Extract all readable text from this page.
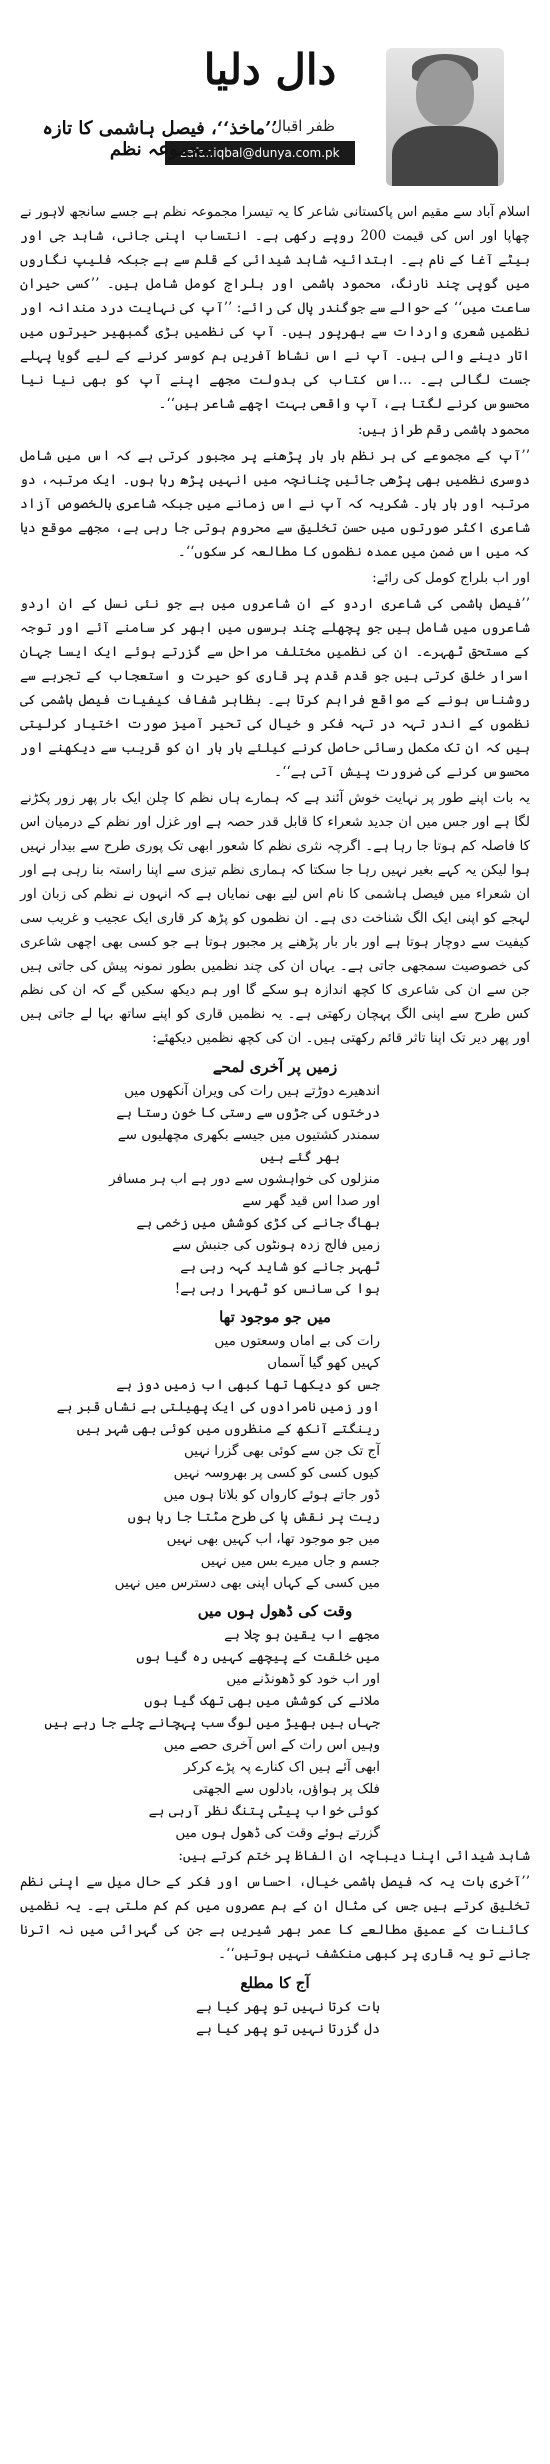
دال دلیا
ظفر اقبال
zafar.iqbal@dunya.com.pk
’’ماخذ‘‘، فیصل ہاشمی کا تازہ مجموعہ نظم

اسلام آباد سے مقیم اس پاکستانی شاعر کا یہ تیسرا مجموعہ نظم ہے جسے سانجھ لاہور نے چھاپا اور اس کی قیمت 200 روپے رکھی ہے۔ انتساب اپنی جانی، شاہد جی اور بیٹے آغا کے نام ہے۔ ابتدائیہ شاہد شیدائی کے قلم سے ہے جبکہ فلیپ نگاروں میں گوپی چند نارنگ، محمود ہاشمی اور بلراج کومل شامل ہیں۔ ’’کسی حیران ساعت میں‘‘ کے حوالے سے جوگندر پال کی رائے: ’’آپ کی نہایت درد مندانہ اور نظمیں شعری واردات سے بھرپور ہیں۔ آپ کی نظمیں بڑی گمبھیر حیرتوں میں اتار دینے والی ہیں۔ آپ نے اس نشاط آفریں ہم کوسر کرنے کے لیے گویا پہلے جست لگالی ہے۔ ...اس کتاب کی بدولت مجھے اپنے آپ کو بھی نیا نیا محسوس کرنے لگتا ہے، آپ واقعی بہت اچھے شاعر ہیں‘‘۔

محمود ہاشمی رقم طراز ہیں:

’’آپ کے مجموعے کی ہر نظم بار بار پڑھنے پر مجبور کرتی ہے کہ اس میں شامل دوسری نظمیں بھی پڑھی جائیں چنانچہ میں انہیں پڑھ رہا ہوں۔ ایک مرتبہ، دو مرتبہ اور بار بار۔ شکریہ کہ آپ نے اس زمانے میں جبکہ شاعری بالخصوص آزاد شاعری اکثر صورتوں میں حسن تخلیق سے محروم ہوتی جا رہی ہے، مجھے موقع دیا کہ میں اس ضمن میں عمدہ نظموں کا مطالعہ کر سکوں‘‘۔

اور اب بلراج کومل کی رائے:

’’فیصل ہاشمی کی شاعری اردو کے ان شاعروں میں ہے جو نئی نسل کے ان اردو شاعروں میں شامل ہیں جو پچھلے چند برسوں میں ابھر کر سامنے آئے اور توجہ کے مستحق ٹھہرے۔ ان کی نظمیں مختلف مراحل سے گزرتے ہوئے ایک ایسا جہان اسرار خلق کرتی ہیں جو قدم قدم پر قاری کو حیرت و استعجاب کے تجربے سے روشناس ہونے کے مواقع فراہم کرتا ہے۔ بظاہر شفاف کیفیات فیصل ہاشمی کی نظموں کے اندر تہہ در تہہ فکر و خیال کی تحیر آمیز صورت اختیار کرلیتی ہیں کہ ان تک مکمل رسائی حاصل کرنے کیلئے بار بار ان کو قریب سے دیکھنے اور محسوس کرنے کی ضرورت پیش آتی ہے‘‘۔

یہ بات اپنے طور پر نہایت خوش آئند ہے کہ ہمارے ہاں نظم کا چلن ایک بار پھر زور پکڑنے لگا ہے اور جس میں ان جدید شعراء کا قابل قدر حصہ ہے اور غزل اور نظم کے درمیان اس کا فاصلہ کم ہوتا جا رہا ہے۔ اگرچہ نثری نظم کا شعور ابھی تک پوری طرح سے بیدار نہیں ہوا لیکن یہ کہے بغیر نہیں رہا جا سکتا کہ ہماری نظم تیزی سے اپنا راستہ بنا رہی ہے اور ان شعراء میں فیصل ہاشمی کا نام اس لیے بھی نمایاں ہے کہ انہوں نے نظم کی زبان اور لہجے کو اپنی ایک الگ شناخت دی ہے۔ ان نظموں کو پڑھ کر قاری ایک عجیب و غریب سی کیفیت سے دوچار ہوتا ہے اور بار بار پڑھنے پر مجبور ہوتا ہے جو کسی بھی اچھی شاعری کی خصوصیت سمجھی جاتی ہے۔ یہاں ان کی چند نظمیں بطور نمونہ پیش کی جاتی ہیں جن سے ان کی شاعری کا کچھ اندازہ ہو سکے گا اور ہم دیکھ سکیں گے کہ ان کی نظم کس طرح سے اپنی الگ پہچان رکھتی ہے۔ یہ نظمیں قاری کو اپنے ساتھ بہا لے جاتی ہیں اور پھر دیر تک اپنا تاثر قائم رکھتی ہیں۔ ان کی کچھ نظمیں دیکھئے:

زمیں پر آخری لمحے

اندھیرے دوڑتے ہیں رات کی ویران آنکھوں میں

درختوں کی جڑوں سے رستی کا خون رستا ہے

سمندر کشتیوں میں جیسے بکھری مچھلیوں سے

بھر گئے ہیں

منزلوں کی خواہشوں سے دور ہے اب ہر مسافر

اور صدا اس قید گھر سے

بھاگ جانے کی کڑی کوشش میں زخمی ہے

زمیں فالج زدہ ہونٹوں کی جنبش سے

ٹھہر جانے کو شاید کہہ رہی ہے

ہوا کی سانس کو ٹھہرا رہی ہے!

میں جو موجود تھا

رات کی بے اماں وسعتوں میں

کہیں کھو گیا آسماں

جس کو دیکھا تھا کبھی اب زمیں دوز ہے

اور زمیں نامرادوں کی ایک پھیلتی بے نشاں قبر ہے

رینگتے آنکھ کے منظروں میں کوئی بھی شہر ہیں

آج تک جن سے کوئی بھی گزرا نہیں

کیوں کسی کو کسی پر بھروسہ نہیں

ڈور جاتے ہوئے کارواں کو بلاتا ہوں میں

ریت پر نقش پا کی طرح مٹتا جا رہا ہوں

میں جو موجود تھا، اب کہیں بھی نہیں

جسم و جاں میرے بس میں نہیں

میں کسی کے کہاں اپنی بھی دسترس میں نہیں

وقت کی ڈھول ہوں میں

مجھے اب یقین ہو چلا ہے

میں خلقت کے پیچھے کہیں رہ گیا ہوں

اور اب خود کو ڈھونڈنے میں

ملانے کی کوشش میں بھی تھک گیا ہوں

جہاں ہیں بھیڑ میں لوگ سب پہچانے چلے جا رہے ہیں

وہیں اس رات کے اس آخری حصے میں

ابھی آئے ہیں اک کنارے پہ پڑے کرکر

فلک پر ہواؤں، بادلوں سے الجھتی

کوئی خواب پیٹی پتنگ نظر آرہی ہے

گزرتے ہوئے وقت کی ڈھول ہوں میں

شاہد شیدائی اپنا دیباچہ ان الفاظ پر ختم کرتے ہیں:

’’آخری بات یہ کہ فیصل ہاشمی خیال، احساس اور فکر کے حال میل سے اپنی نظم تخلیق کرتے ہیں جس کی مثال ان کے ہم عصروں میں کم کم ملتی ہے۔ یہ نظمیں کائنات کے عمیق مطالعے کا عمر بھر شیریں ہے جن کی گہرائی میں نہ اترنا جانے تو یہ قاری پر کبھی منکشف نہیں ہوتیں‘‘۔

آج کا مطلع

بات کرتا نہیں تو پھر کیا ہے

دل گزرتا نہیں تو پھر کیا ہے
